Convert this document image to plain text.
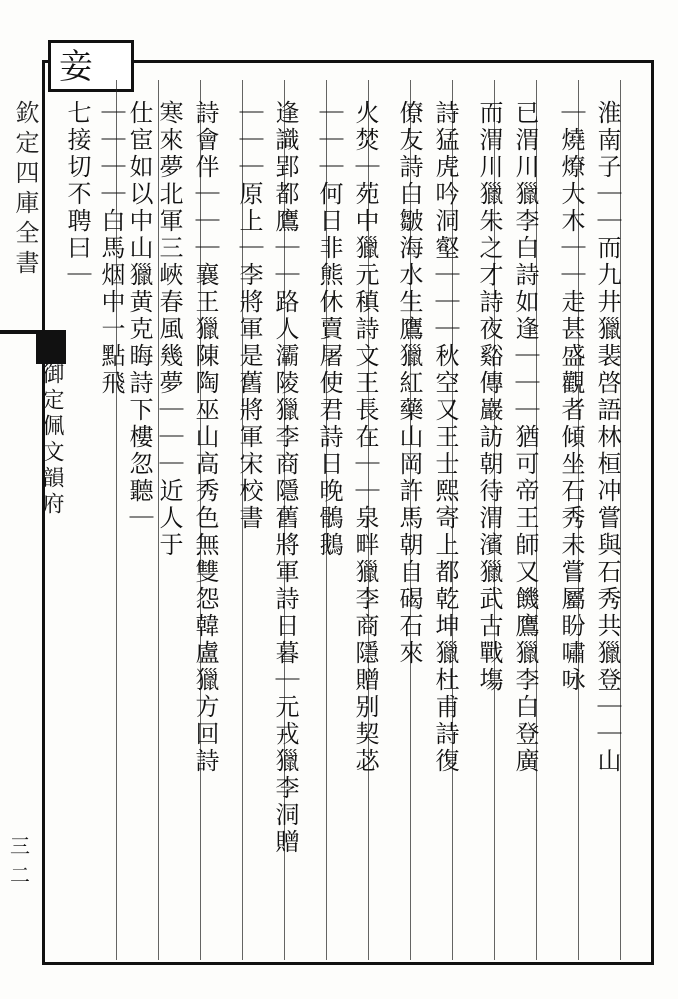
欽定四庫全書
三二
御定佩文韻府
妾
淮南子｜｜而九井獵裴啓語林桓冲嘗與石秀共獵登｜｜山
｜燒燎大木｜｜走甚盛觀者傾坐石秀未嘗屬盼嘯咏
已渭川獵李白詩如逢｜｜｜猶可帝王師又饑鷹獵李白登廣
而渭川獵朱之才詩夜谿傳巖訪朝待渭濱獵武古戰塲
詩猛虎吟洞壑｜｜｜秋空又王士熙寄上都乾坤獵杜甫詩復
僚友詩白皺海水生鷹獵紅藥山岡許馬朝自碣石來
火焚｜苑中獵元稹詩文王長在｜｜泉畔獵李商隱贈别契苾
｜｜｜何日非熊休賣屠使君詩日晚鶻鵝
逢識郢都鷹｜｜路人灞陵獵李商隱舊將軍詩日暮｜元戎獵李洞贈
｜｜｜原上｜李將軍是舊將軍宋校書
詩會伴｜｜｜襄王獵陳陶巫山高秀色無雙怨韓盧獵方回詩
寒來夢北軍三峽春風幾夢｜｜｜近人于
仕宦如以中山獵黄克晦詩下樓忽聽｜
｜｜｜｜白馬烟中一點飛
七接切不聘曰｜
